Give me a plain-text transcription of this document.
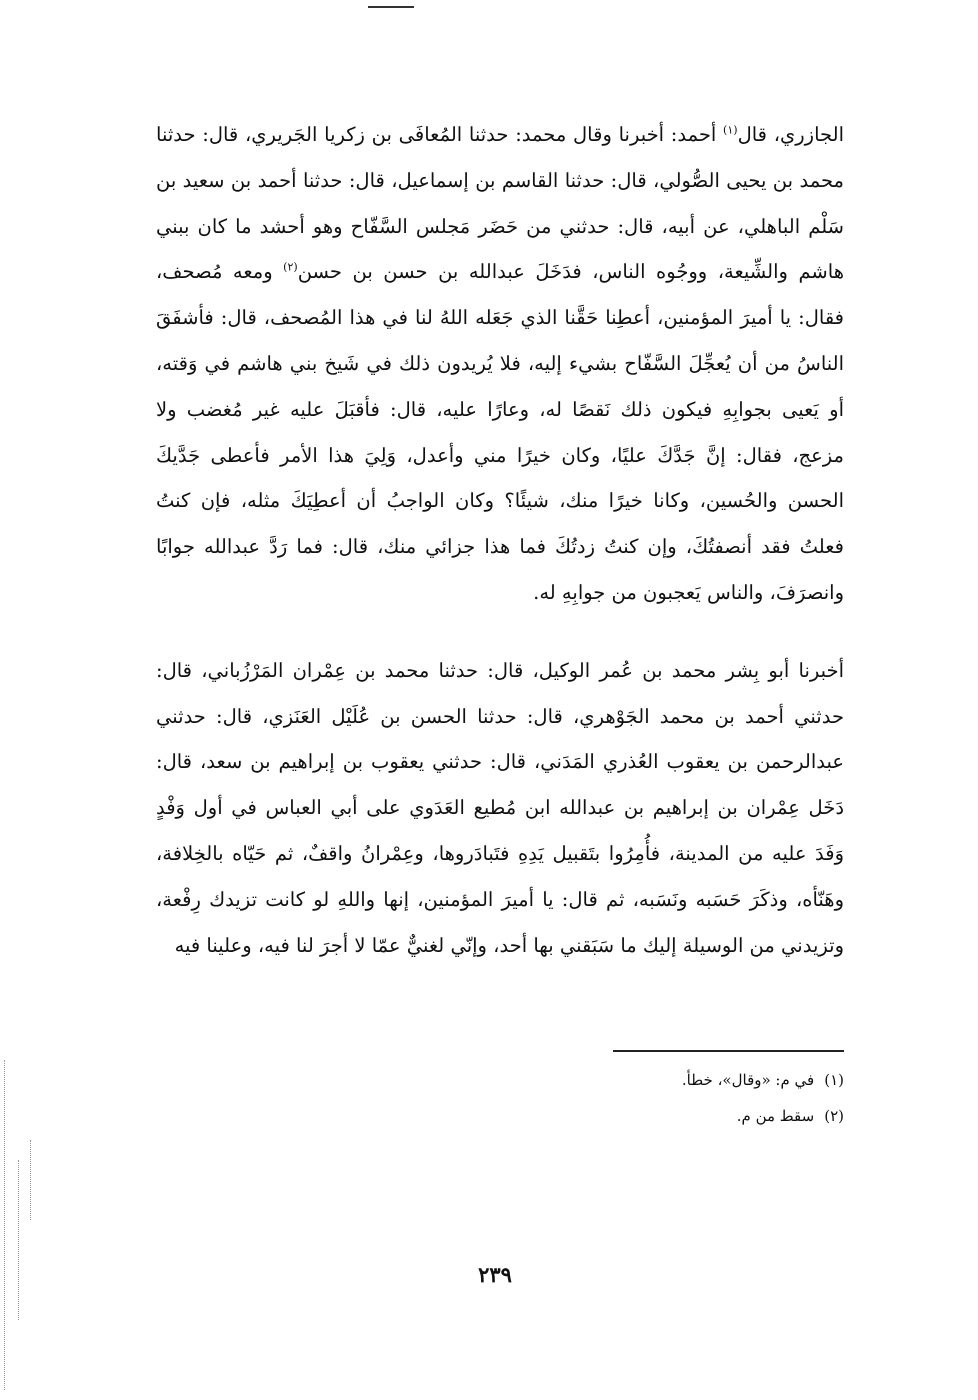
الجازري، قال$^{(١)}$ أحمد: أخبرنا وقال محمد: حدثنا المُعافَى بن زكريا الجَريري، قال: حدثنا محمد بن يحيى الصُّولي، قال: حدثنا القاسم بن إسماعيل، قال: حدثنا أحمد بن سعيد بن سَلْم الباهلي، عن أبيه، قال: حدثني من حَضَر مَجلس السَّفّاح وهو أحشد ما كان ببني هاشم والشِّيعة، ووجُوه الناس، فدَخَلَ عبدالله بن حسن بن حسن$^{(٢)}$ ومعه مُصحف، فقال: يا أميرَ المؤمنين، أعطِنا حَقَّنا الذي جَعَله اللهُ لنا في هذا المُصحف، قال: فأشفَقَ الناسُ من أن يُعجِّلَ السَّفّاح بشيء إليه، فلا يُريدون ذلك في شَيخ بني هاشم في وَقته، أو يَعيى بجوابِهِ فيكون ذلك نَقصًا له، وعارًا عليه، قال: فأقبَلَ عليه غير مُغضب ولا مزعج، فقال: إنَّ جَدَّكَ عليًا، وكان خيرًا مني وأعدل، وَلِيَ هذا الأمر فأعطى جَدَّيكَ الحسن والحُسين، وكانا خيرًا منك، شيئًا؟ وكان الواجبُ أن أعطِيَكَ مثله، فإن كنتُ فعلتُ فقد أنصفتُكَ، وإن كنتُ زدتُكَ فما هذا جزائي منك، قال: فما رَدَّ عبدالله جوابًا وانصرَفَ، والناس يَعجبون من جوابِهِ له.

أخبرنا أبو بِشر محمد بن عُمر الوكيل، قال: حدثنا محمد بن عِمْران المَرْزُباني، قال: حدثني أحمد بن محمد الجَوْهري، قال: حدثنا الحسن بن عُلَيْل العَنَزي، قال: حدثني عبدالرحمن بن يعقوب العُذري المَدَني، قال: حدثني يعقوب بن إبراهيم بن سعد، قال: دَخَل عِمْران بن إبراهيم بن عبدالله ابن مُطيع العَدَوي على أبي العباس في أول وَفْدٍ وَفَدَ عليه من المدينة، فأُمِرُوا بتَقبيل يَدِهِ فتَبادَروها، وعِمْرانُ واقفٌ، ثم حَيّاه بالخِلافة، وهَنّأه، وذكَرَ حَسَبه ونَسَبه، ثم قال: يا أميرَ المؤمنين، إنها واللهِ لو كانت تزيدك رِفْعة، وتزيدني من الوسيلة إليك ما سَبَقني بها أحد، وإنّي لغنيٌّ عمّا لا أجرَ لنا فيه، وعلينا فيه

(١)في م: «وقال»، خطأ.

(٢)سقط من م.

٢٣٩
